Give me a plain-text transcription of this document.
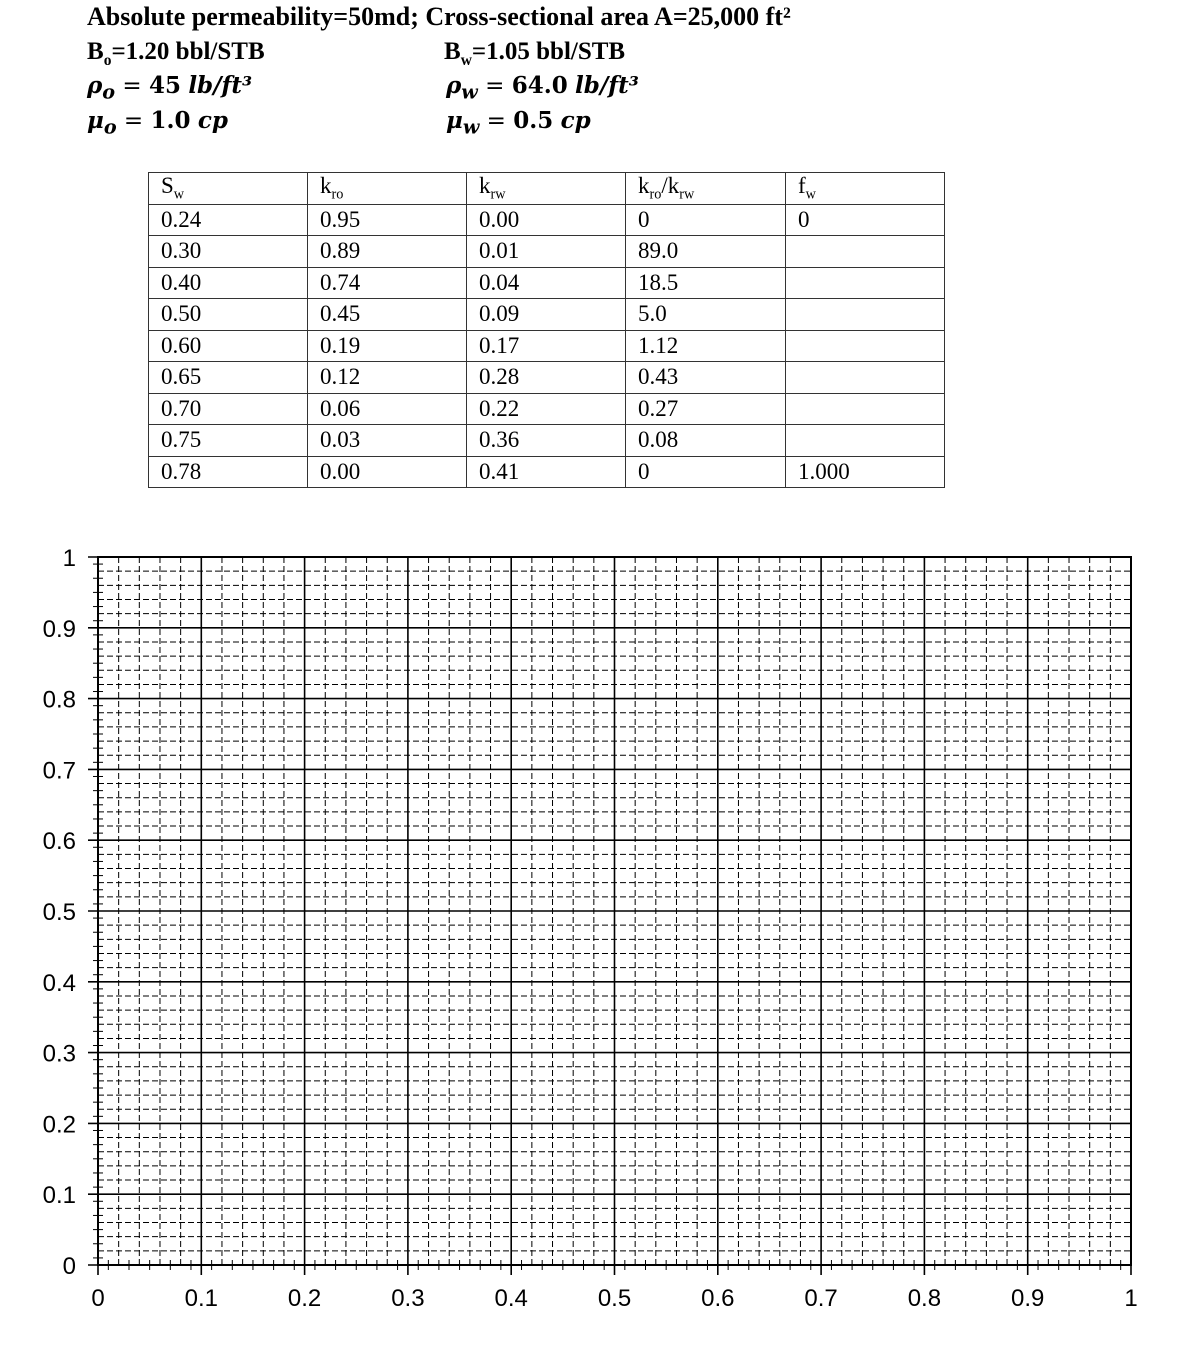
Absolute permeability=50md; Cross-sectional area A=25,000 ft²
$B_o=1.20$ bbl/STB	$B_w=1.05$ bbl/STB
$\rho_o = 45$ lb/ft³	$\rho_w = 64.0$ lb/ft³
$\mu_o = 1.0$ cp	$\mu_w = 0.5$ cp
$S_w$	$k_{ro}$	$k_{rw}$	$k_{ro}/k_{rw}$	$f_w$
0.24	0.95	0.00	0	0
0.30	0.89	0.01	89.0	
0.40	0.74	0.04	18.5	
0.50	0.45	0.09	5.0	
0.60	0.19	0.17	1.12	
0.65	0.12	0.28	0.43	
0.70	0.06	0.22	0.27	
0.75	0.03	0.36	0.08	
0.78	0.00	0.41	0	1.000
0	0.1	0.2	0.3	0.4	0.5	0.6	0.7	0.8	0.9	1
0
0.1
0.2
0.3
0.4
0.5
0.6
0.7
0.8
0.9
1
